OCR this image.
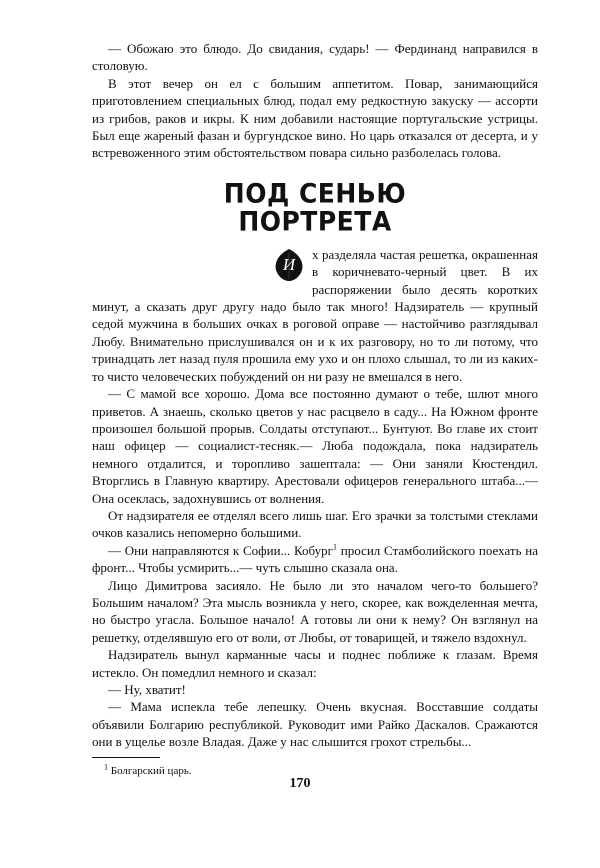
— Обожаю это блюдо. До свидания, сударь! — Фердинанд направился в столовую.

В этот вечер он ел с большим аппетитом. Повар, занимающийся приготовлением специальных блюд, подал ему редкостную закуску — ассорти из грибов, раков и икры. К ним добавили настоящие португальские устрицы. Был еще жареный фазан и бургундское вино. Но царь отказался от десерта, и у встревоженного этим обстоятельством повара сильно разболелась голова.

ПОД СЕНЬЮ
ПОРТРЕТА
И

х разделяла частая решетка, окрашенная в коричневато-черный цвет. В их распоряжении было десять коротких минут, а сказать друг другу надо было так много! Надзиратель — крупный седой мужчина в больших очках в роговой оправе — настойчиво разглядывал Любу. Внимательно прислушивался он и к их разговору, но то ли потому, что тринадцать лет назад пуля прошила ему ухо и он плохо слышал, то ли из каких-то чисто человеческих побуждений он ни разу не вмешался в него.

— С мамой все хорошо. Дома все постоянно думают о тебе, шлют много приветов. А знаешь, сколько цветов у нас расцвело в саду... На Южном фронте произошел большой прорыв. Солдаты отступают... Бунтуют. Во главе их стоит наш офицер — социалист-тесняк.— Люба подождала, пока надзиратель немного отдалится, и торопливо зашептала: — Они заняли Кюстендил. Вторглись в Главную квартиру. Арестовали офицеров генерального штаба...— Она осеклась, задохнувшись от волнения.

От надзирателя ее отделял всего лишь шаг. Его зрачки за толстыми стеклами очков казались непомерно большими.

— Они направляются к Софии... Кобург$^1$ просил Стамболийского поехать на фронт... Чтобы усмирить...— чуть слышно сказала она.

Лицо Димитрова засияло. Не было ли это началом чего-то большего? Большим началом? Эта мысль возникла у него, скорее, как вожделенная мечта, но быстро угасла. Большое начало! А готовы ли они к нему? Он взглянул на решетку, отделявшую его от воли, от Любы, от товарищей, и тяжело вздохнул.

Надзиратель вынул карманные часы и поднес поближе к глазам. Время истекло. Он помедлил немного и сказал:

— Ну, хватит!

— Мама испекла тебе лепешку. Очень вкусная. Восставшие солдаты объявили Болгарию республикой. Руководит ими Райко Даскалов. Сражаются они в ущелье возле Владая. Даже у нас слышится грохот стрельбы...

$^1$ Болгарский царь.

170
